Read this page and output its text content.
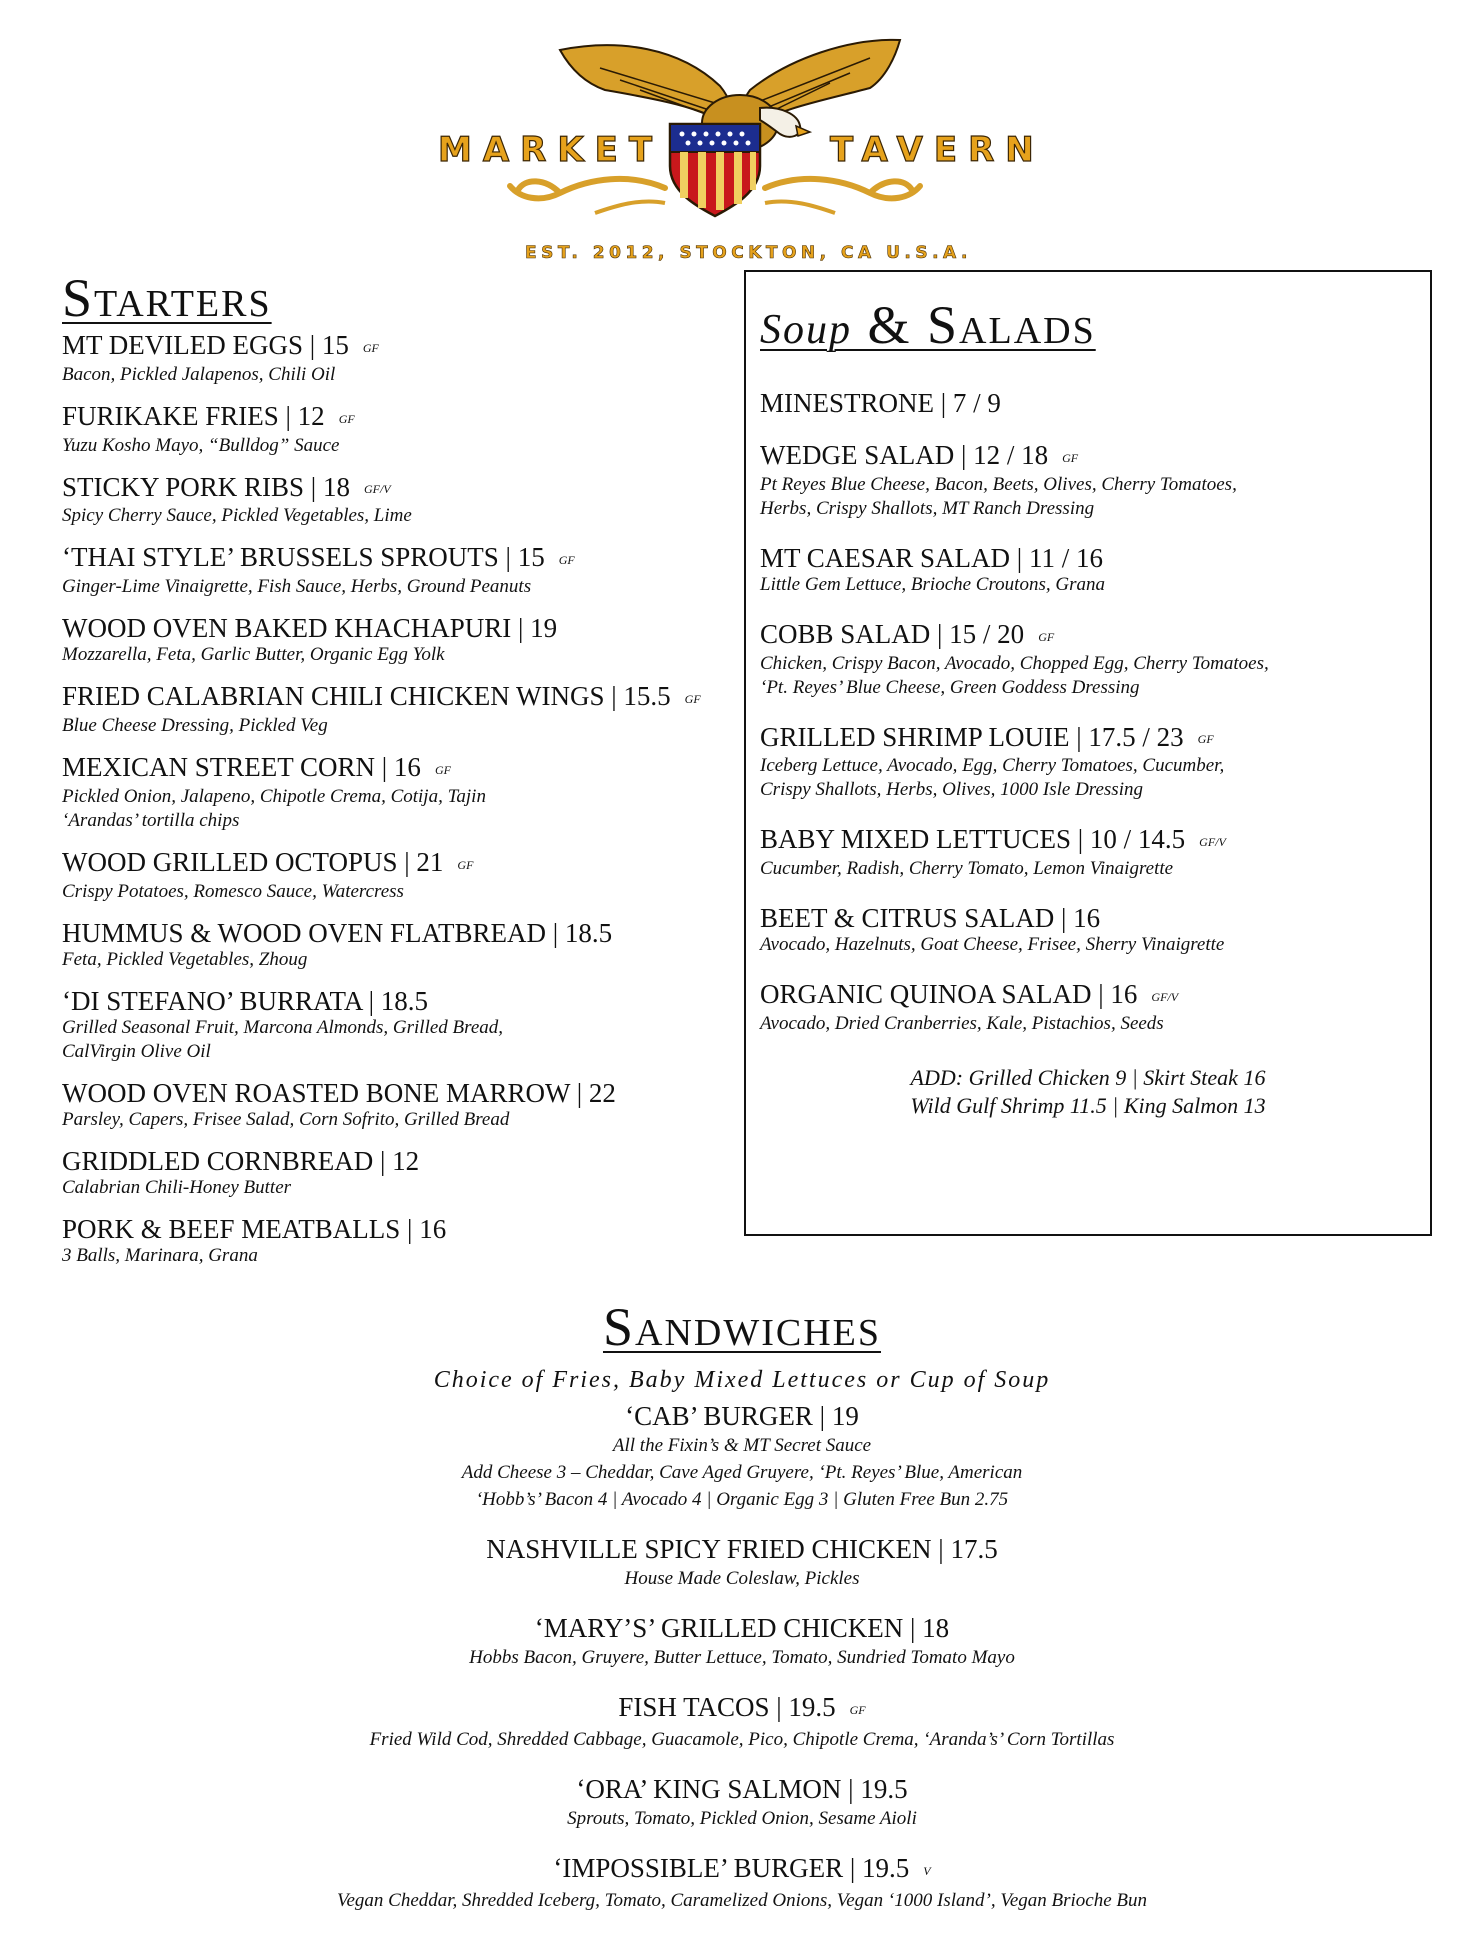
MARKET	TAVERN
EST. 2012, STOCKTON, CA U.S.A.
Starters
MT DEVILED EGGS | 15 GF
Bacon, Pickled Jalapenos, Chili Oil
FURIKAKE FRIES | 12 GF
Yuzu Kosho Mayo, “Bulldog” Sauce
STICKY PORK RIBS | 18 GF/V
Spicy Cherry Sauce, Pickled Vegetables, Lime
‘THAI STYLE’ BRUSSELS SPROUTS | 15 GF
Ginger-Lime Vinaigrette, Fish Sauce, Herbs, Ground Peanuts
WOOD OVEN BAKED KHACHAPURI | 19
Mozzarella, Feta, Garlic Butter, Organic Egg Yolk
FRIED CALABRIAN CHILI CHICKEN WINGS | 15.5 GF
Blue Cheese Dressing, Pickled Veg
MEXICAN STREET CORN | 16 GF
Pickled Onion, Jalapeno, Chipotle Crema, Cotija, Tajin
‘Arandas’ tortilla chips
WOOD GRILLED OCTOPUS | 21 GF
Crispy Potatoes, Romesco Sauce, Watercress
HUMMUS & WOOD OVEN FLATBREAD | 18.5
Feta, Pickled Vegetables, Zhoug
‘DI STEFANO’ BURRATA | 18.5
Grilled Seasonal Fruit, Marcona Almonds, Grilled Bread,
CalVirgin Olive Oil
WOOD OVEN ROASTED BONE MARROW | 22
Parsley, Capers, Frisee Salad, Corn Sofrito, Grilled Bread
GRIDDLED CORNBREAD | 12
Calabrian Chili-Honey Butter
PORK & BEEF MEATBALLS | 16
3 Balls, Marinara, Grana
Soup & Salads
MINESTRONE | 7 / 9
WEDGE SALAD | 12 / 18 GF
Pt Reyes Blue Cheese, Bacon, Beets, Olives, Cherry Tomatoes,
Herbs, Crispy Shallots, MT Ranch Dressing
MT CAESAR SALAD | 11 / 16
Little Gem Lettuce, Brioche Croutons, Grana
COBB SALAD | 15 / 20 GF
Chicken, Crispy Bacon, Avocado, Chopped Egg, Cherry Tomatoes,
‘Pt. Reyes’ Blue Cheese, Green Goddess Dressing
GRILLED SHRIMP LOUIE | 17.5 / 23 GF
Iceberg Lettuce, Avocado, Egg, Cherry Tomatoes, Cucumber,
Crispy Shallots, Herbs, Olives, 1000 Isle Dressing
BABY MIXED LETTUCES | 10 / 14.5 GF/V
Cucumber, Radish, Cherry Tomato, Lemon Vinaigrette
BEET & CITRUS SALAD | 16
Avocado, Hazelnuts, Goat Cheese, Frisee, Sherry Vinaigrette
ORGANIC QUINOA SALAD | 16 GF/V
Avocado, Dried Cranberries, Kale, Pistachios, Seeds
ADD: Grilled Chicken 9 | Skirt Steak 16
Wild Gulf Shrimp 11.5 | King Salmon 13
Sandwiches
Choice of Fries, Baby Mixed Lettuces or Cup of Soup
‘CAB’ BURGER | 19
All the Fixin’s & MT Secret Sauce
Add Cheese 3 – Cheddar, Cave Aged Gruyere, ‘Pt. Reyes’ Blue, American
‘Hobb’s’ Bacon 4 | Avocado 4 | Organic Egg 3 | Gluten Free Bun 2.75
NASHVILLE SPICY FRIED CHICKEN | 17.5
House Made Coleslaw, Pickles
‘MARY’S’ GRILLED CHICKEN | 18
Hobbs Bacon, Gruyere, Butter Lettuce, Tomato, Sundried Tomato Mayo
FISH TACOS | 19.5 GF
Fried Wild Cod, Shredded Cabbage, Guacamole, Pico, Chipotle Crema, ‘Aranda’s’ Corn Tortillas
‘ORA’ KING SALMON | 19.5
Sprouts, Tomato, Pickled Onion, Sesame Aioli
‘IMPOSSIBLE’ BURGER | 19.5 V
Vegan Cheddar, Shredded Iceberg, Tomato, Caramelized Onions, Vegan ‘1000 Island’, Vegan Brioche Bun
